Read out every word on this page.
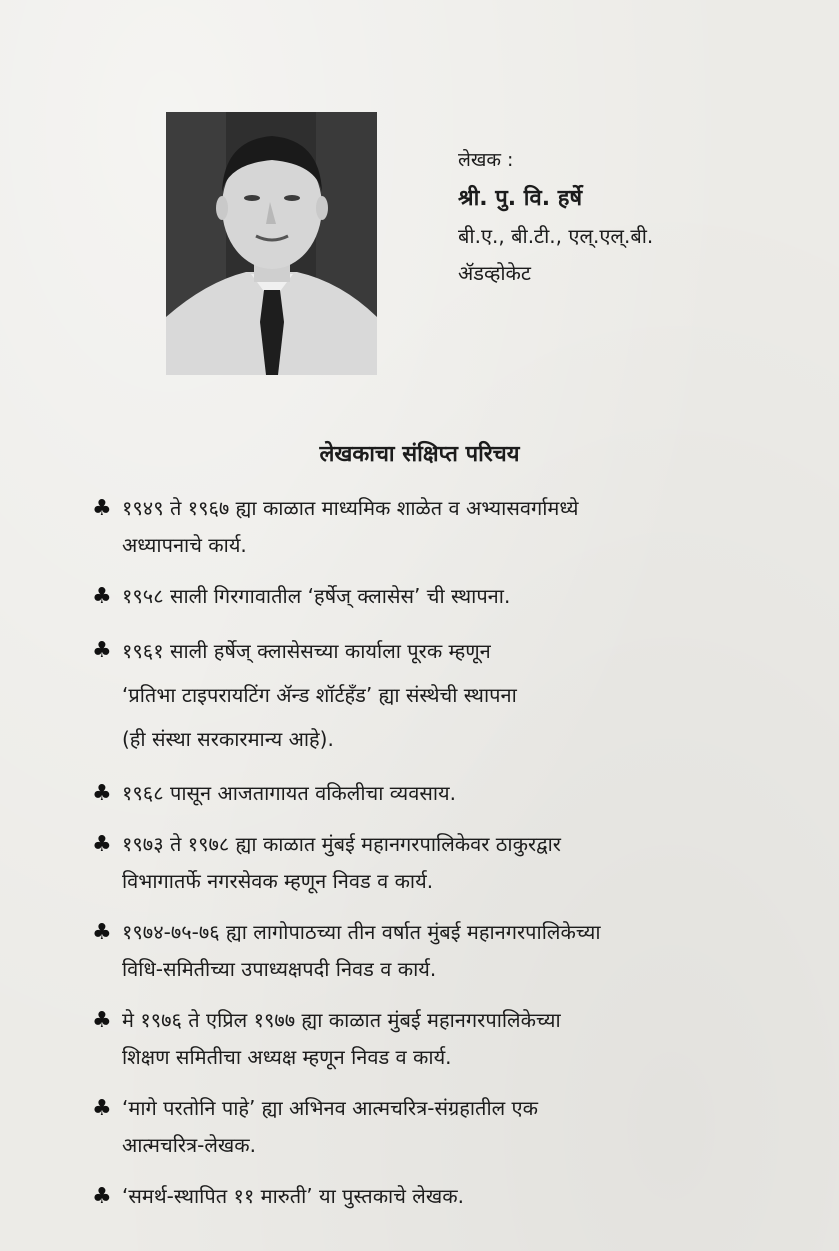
लेखक :
श्री. पु. वि. हर्षे
बी.ए., बी.टी., एल्.एल्.बी.
ॲडव्होकेट
लेखकाचा संक्षिप्त परिचय
♣ १९४९ ते १९६७ ह्या काळात माध्यमिक शाळेत व अभ्यासवर्गामध्ये
अध्यापनाचे कार्य.
♣ १९५८ साली गिरगावातील ‘हर्षेज् क्लासेस’ ची स्थापना.
♣ १९६१ साली हर्षेज् क्लासेसच्या कार्याला पूरक म्हणून
‘प्रतिभा टाइपरायटिंग ॲन्ड शॉर्टहॅंड’ ह्या संस्थेची स्थापना
(ही संस्था सरकारमान्य आहे).
♣ १९६८ पासून आजतागायत वकिलीचा व्यवसाय.
♣ १९७३ ते १९७८ ह्या काळात मुंबई महानगरपालिकेवर ठाकुरद्वार
विभागातर्फे नगरसेवक म्हणून निवड व कार्य.
♣ १९७४-७५-७६ ह्या लागोपाठच्या तीन वर्षात मुंबई महानगरपालिकेच्या
विधि-समितीच्या उपाध्यक्षपदी निवड व कार्य.
♣ मे १९७६ ते एप्रिल १९७७ ह्या काळात मुंबई महानगरपालिकेच्या
शिक्षण समितीचा अध्यक्ष म्हणून निवड व कार्य.
♣ ‘मागे परतोनि पाहे’ ह्या अभिनव आत्मचरित्र-संग्रहातील एक
आत्मचरित्र-लेखक.
♣ ‘समर्थ-स्थापित ११ मारुती’ या पुस्तकाचे लेखक.
